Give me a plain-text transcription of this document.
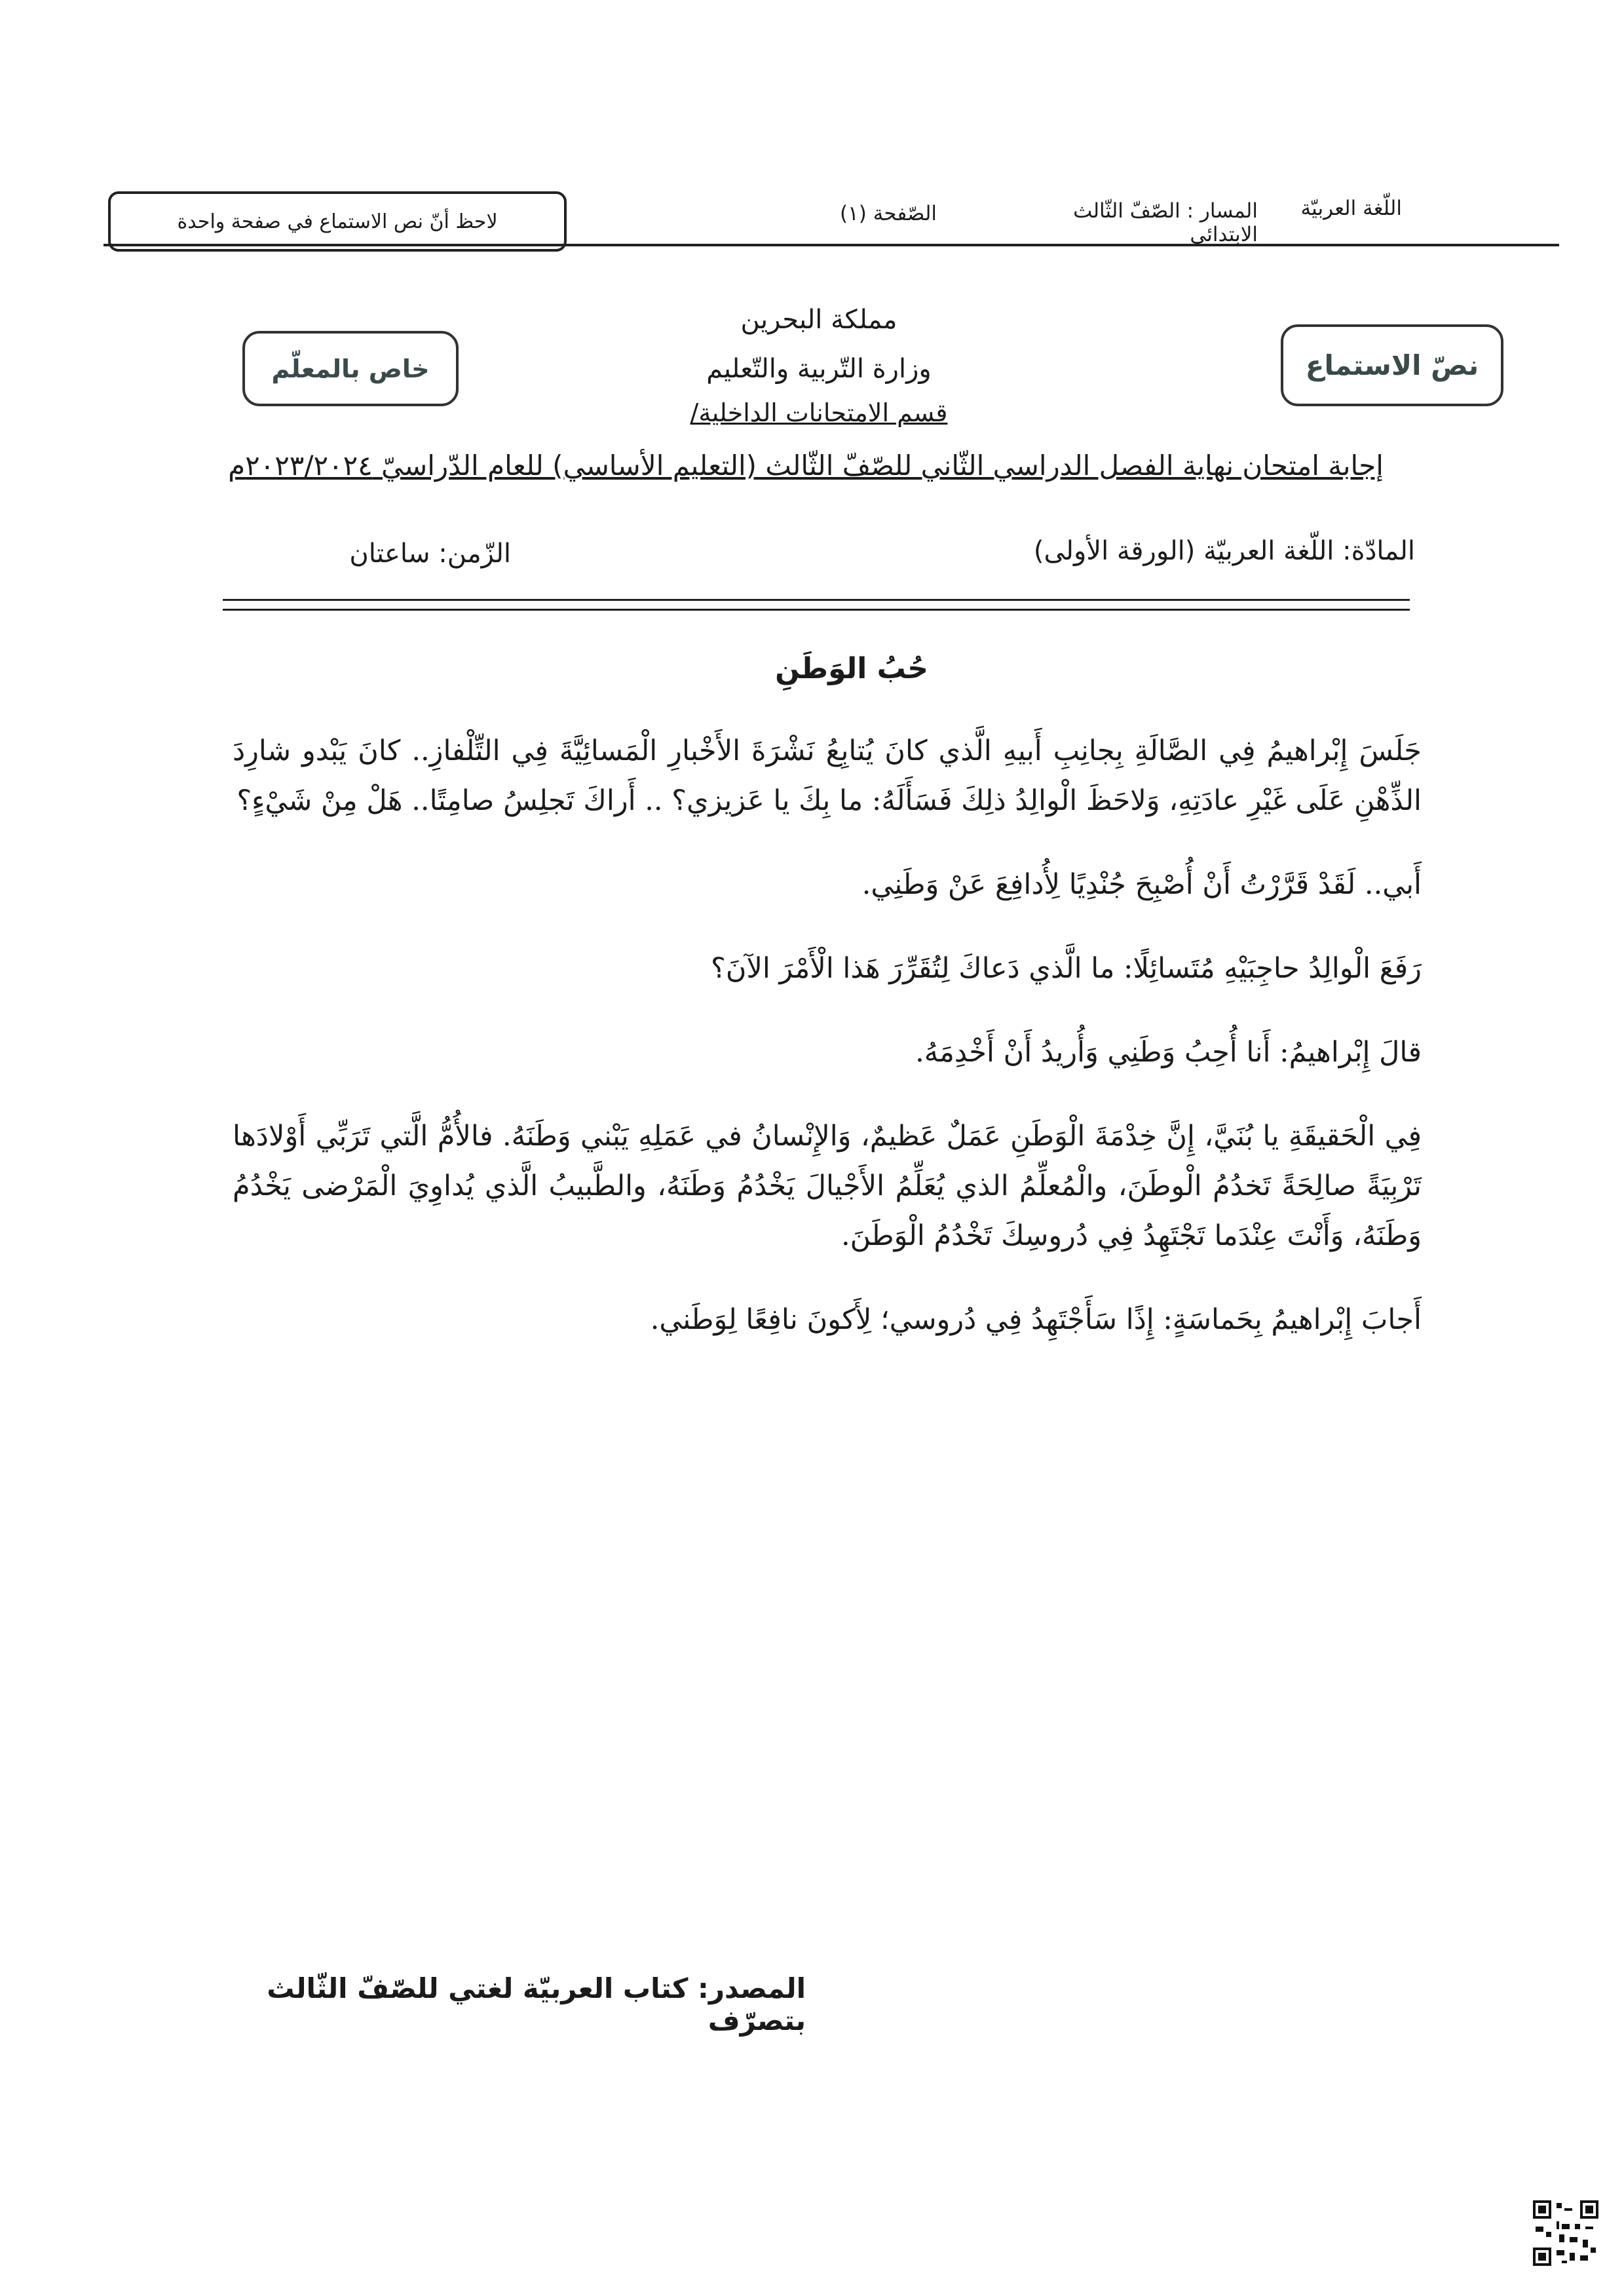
اللّغة العربيّة
المسار : الصّفّ الثّالث الابتدائي
الصّفحة (١)
لاحظ أنّ نص الاستماع في صفحة واحدة
نصّ الاستماع
خاص بالمعلّم
مملكة البحرين
وزارة التّربية والتّعليم
قسم الامتحانات الداخلية/
إجابة امتحان نهاية الفصل الدراسي الثّاني للصّفّ الثّالث (التعليم الأساسي) للعام الدّراسيّ ٢٠٢٣/٢٠٢٤م
المادّة: اللّغة العربيّة (الورقة الأولى)
الزّمن: ساعتان
حُبُ الوَطَنِ

جَلَسَ إِبْراهيمُ فِي الصَّالَةِ بِجانِبِ أَبيهِ الَّذي كانَ يُتابِعُ نَشْرَةَ الأَخْبارِ الْمَسائِيَّةَ فِي التِّلْفازِ.. كانَ يَبْدو شارِدَ الذِّهْنِ عَلَى غَيْرِ عادَتِهِ، وَلاحَظَ الْوالِدُ ذلِكَ فَسَأَلَهُ: ما بِكَ يا عَزيزي؟ .. أَراكَ تَجلِسُ صامِتًا.. هَلْ مِنْ شَيْءٍ؟

أَبي.. لَقَدْ قَرَّرْتُ أَنْ أُصْبِحَ جُنْدِيًا لِأُدافِعَ عَنْ وَطَنِي.

رَفَعَ الْوالِدُ حاجِبَيْهِ مُتَسائِلًا: ما الَّذي دَعاكَ لِتُقَرِّرَ هَذا الْأَمْرَ الآنَ؟

قالَ إِبْراهيمُ: أَنا أُحِبُ وَطَنِي وَأُريدُ أَنْ أَخْدِمَهُ.

فِي الْحَقيقَةِ يا بُنَيَّ، إِنَّ خِدْمَةَ الْوَطَنِ عَمَلٌ عَظيمٌ، وَالإِنْسانُ في عَمَلِهِ يَبْني وَطَنَهُ. فالأُمُّ الَّتي تَرَبِّي أَوْلادَها تَرْبِيَةً صالِحَةً تَخدُمُ الْوطَنَ، والْمُعلِّمُ الذي يُعَلِّمُ الأَجْيالَ يَخْدُمُ وَطَنَهُ، والطَّبيبُ الَّذي يُداوِيَ الْمَرْضى يَخْدُمُ وَطَنَهُ، وَأَنْتَ عِنْدَما تَجْتَهِدُ فِي دُروسِكَ تَخْدُمُ الْوَطَنَ.

أَجابَ إِبْراهيمُ بِحَماسَةٍ: إِذًا سَأَجْتَهِدُ فِي دُروسي؛ لِأَكونَ نافِعًا لِوَطَني.

المصدر: كتاب العربيّة لغتي للصّفّ الثّالث بتصرّف
